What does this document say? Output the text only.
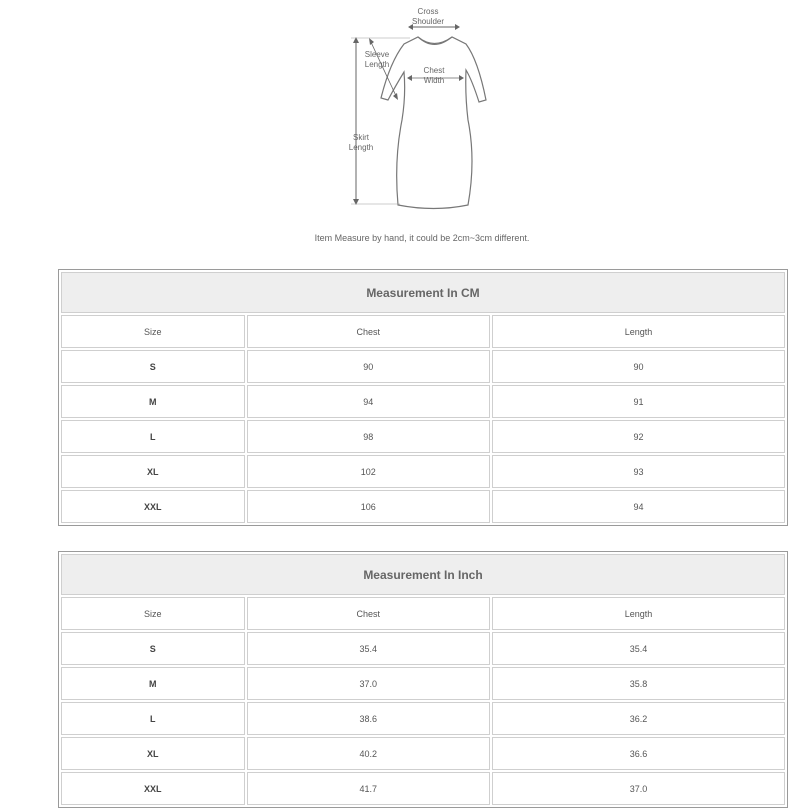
Cross
Shoulder
Sleeve
Length
Chest
Width
Skirt
Length
Item Measure by hand, it could be 2cm~3cm different.
Measurement In CM		
Size	Chest	Length
S	90	90
M	94	91
L	98	92
XL	102	93
XXL	106	94
Measurement In Inch		
Size	Chest	Length
S	35.4	35.4
M	37.0	35.8
L	38.6	36.2
XL	40.2	36.6
XXL	41.7	37.0
